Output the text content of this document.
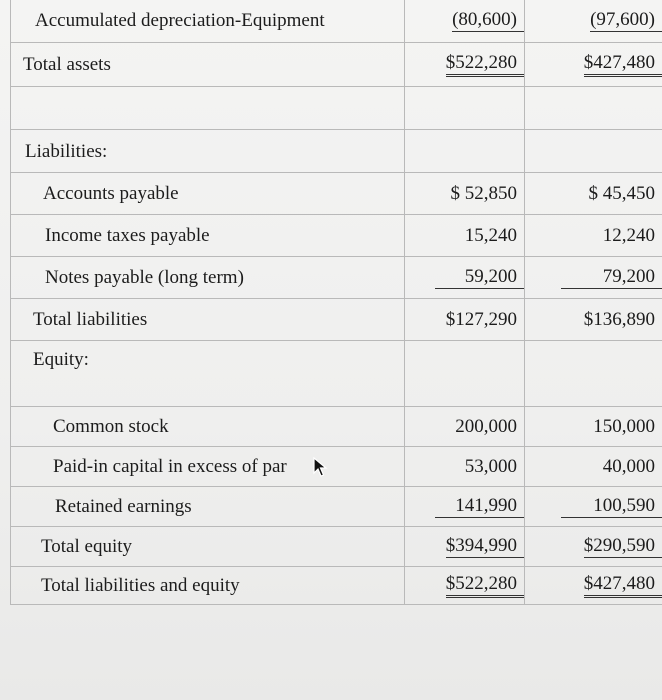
Accumulated depreciation-Equipment	(80,600)	(97,600)
Total assets	$522,280	$427,480
Liabilities:
Accounts payable	$ 52,850	$ 45,450
Income taxes payable	15,240	12,240
Notes payable (long term)	59,200	79,200
Total liabilities	$127,290	$136,890
Equity:
Common stock	200,000	150,000
Paid-in capital in excess of par	53,000	40,000
Retained earnings	141,990	100,590
Total equity	$394,990	$290,590
Total liabilities and equity	$522,280	$427,480
